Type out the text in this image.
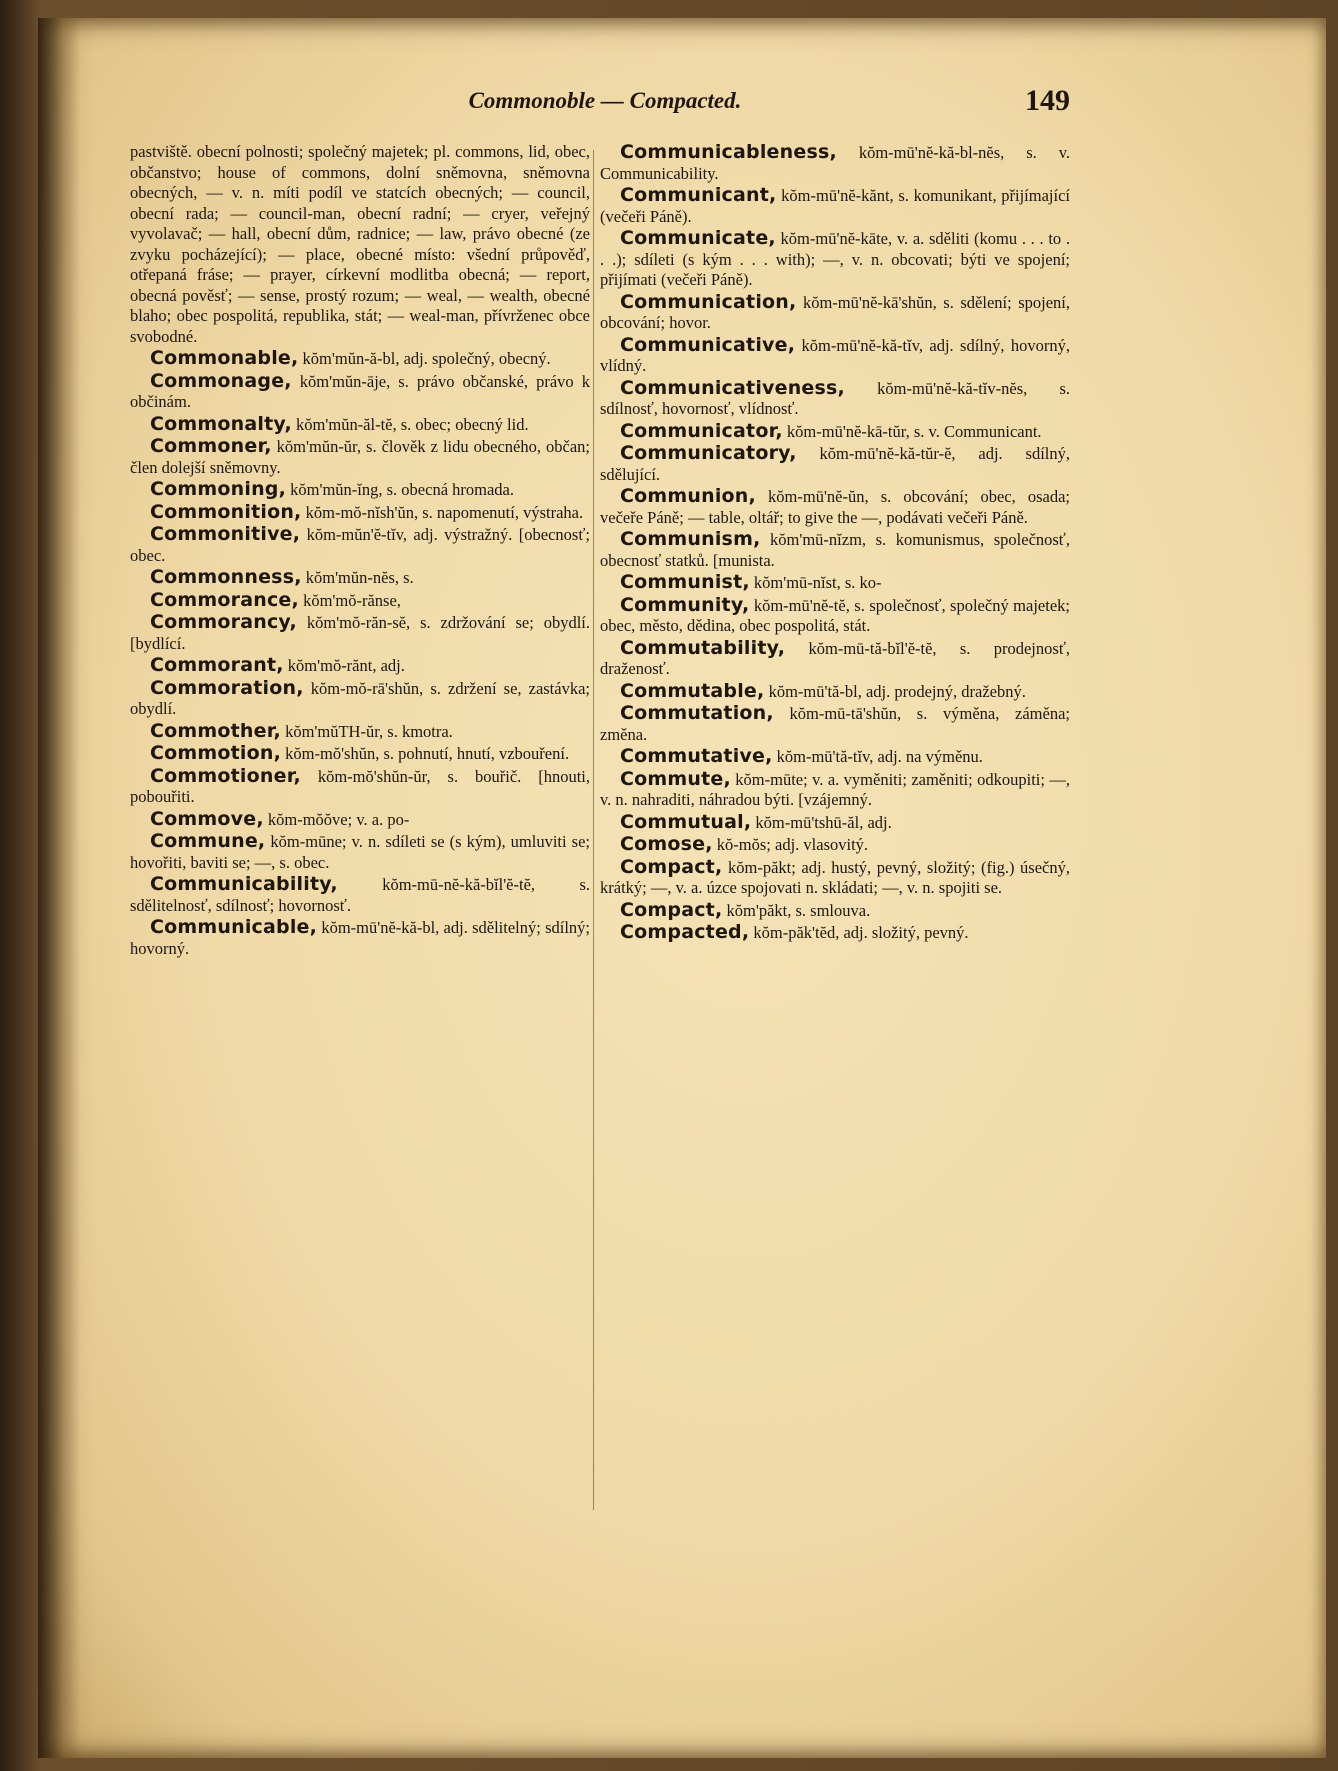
Commonoble — Compacted.	149

pastviště. obecní polnosti; společný majetek; pl. commons, lid, obec, občanstvo; house of commons, dolní sněmovna, sněmovna obecných, — v. n. míti podíl ve statcích obecných; — council, obecní rada; — council-man, obecní radní; — cryer, veřejný vyvolavač; — hall, obecní dům, radnice; — law, právo obecné (ze zvyku pocházející); — place, obecné místo: všední průpověď, otřepaná fráse; — prayer, církevní modlitba obecná; — report, obecná pověsť; — sense, prostý rozum; — weal, — wealth, obecné blaho; obec pospolitá, republika, stát; — weal-man, přívrženec obce svobodné.

Commonable, kŏm'mŭn-ă-bl, adj. společný, obecný.

Commonage, kŏm'mŭn-āje, s. právo občanské, právo k občinám.

Commonalty, kŏm'mŭn-ăl-tĕ, s. obec; obecný lid.

Commoner, kŏm'mŭn-ŭr, s. člověk z lidu obecného, občan; člen dolejší sněmovny.

Commoning, kŏm'mŭn-ĭng, s. obecná hromada.

Commonition, kŏm-mŏ-nĭsh'ŭn, s. napomenutí, výstraha.

Commonitive, kŏm-mŭn'ĕ-tĭv, adj. výstražný. [obecnosť; obec.

Commonness, kŏm'mŭn-nĕs, s.

Commorance, kŏm'mŏ-rănse,

Commorancy, kŏm'mŏ-răn-sĕ, s. zdržování se; obydlí. [bydlící.

Commorant, kŏm'mŏ-rănt, adj.

Commoration, kŏm-mŏ-rā'shŭn, s. zdržení se, zastávka; obydlí.

Commother, kŏm'mŭTH-ŭr, s. kmotra.

Commotion, kŏm-mŏ'shŭn, s. pohnutí, hnutí, vzbouření.

Commotioner, kŏm-mŏ'shŭn-ŭr, s. bouřič. [hnouti, pobouřiti.

Commove, kŏm-mŏŏve; v. a. po-

Commune, kŏm-mūne; v. n. sdíleti se (s kým), umluviti se; hovořiti, baviti se; —, s. obec.

Communicability, kŏm-mū-nĕ-kă-bĭl'ĕ-tĕ, s. sdělitelnosť, sdílnosť; hovornosť.

Communicable, kŏm-mū'nĕ-kă-bl, adj. sdělitelný; sdílný; hovorný.

Communicableness, kŏm-mū'nĕ-kă-bl-nĕs, s. v. Communicability.

Communicant, kŏm-mū'nĕ-kănt, s. komunikant, přijímající (večeři Páně).

Communicate, kŏm-mū'nĕ-kāte, v. a. sděliti (komu . . . to . . .); sdíleti (s kým . . . with); —, v. n. obcovati; býti ve spojení; přijímati (večeři Páně).

Communication, kŏm-mū'nĕ-kā'shŭn, s. sdělení; spojení, obcování; hovor.

Communicative, kŏm-mū'nĕ-kă-tĭv, adj. sdílný, hovorný, vlídný.

Communicativeness, kŏm-mū'nĕ-kă-tĭv-nĕs, s. sdílnosť, hovornosť, vlídnosť.

Communicator, kŏm-mū'nĕ-kā-tŭr, s. v. Communicant.

Communicatory, kŏm-mū'nĕ-kă-tŭr-ĕ, adj. sdílný, sdělující.

Communion, kŏm-mū'nĕ-ŭn, s. obcování; obec, osada; večeře Páně; — table, oltář; to give the —, podávati večeři Páně.

Communism, kŏm'mū-nĭzm, s. komunismus, společnosť, obecnosť statků. [munista.

Communist, kŏm'mū-nĭst, s. ko-

Community, kŏm-mū'nĕ-tĕ, s. společnosť, společný majetek; obec, město, dědina, obec pospolitá, stát.

Commutability, kŏm-mū-tă-bĭl'ĕ-tĕ, s. prodejnosť, draženosť.

Commutable, kŏm-mū'tă-bl, adj. prodejný, dražebný.

Commutation, kŏm-mū-tā'shŭn, s. výměna, záměna; změna.

Commutative, kŏm-mū'tă-tĭv, adj. na výměnu.

Commute, kŏm-mūte; v. a. vyměniti; zaměniti; odkoupiti; —, v. n. nahraditi, náhradou býti. [vzájemný.

Commutual, kŏm-mū'tshū-ăl, adj.

Comose, kŏ-mŏs; adj. vlasovitý.

Compact, kŏm-păkt; adj. hustý, pevný, složitý; (fig.) úsečný, krátký; —, v. a. úzce spojovati n. skládati; —, v. n. spojiti se.

Compact, kŏm'păkt, s. smlouva.

Compacted, kŏm-păk'tĕd, adj. složitý, pevný.
